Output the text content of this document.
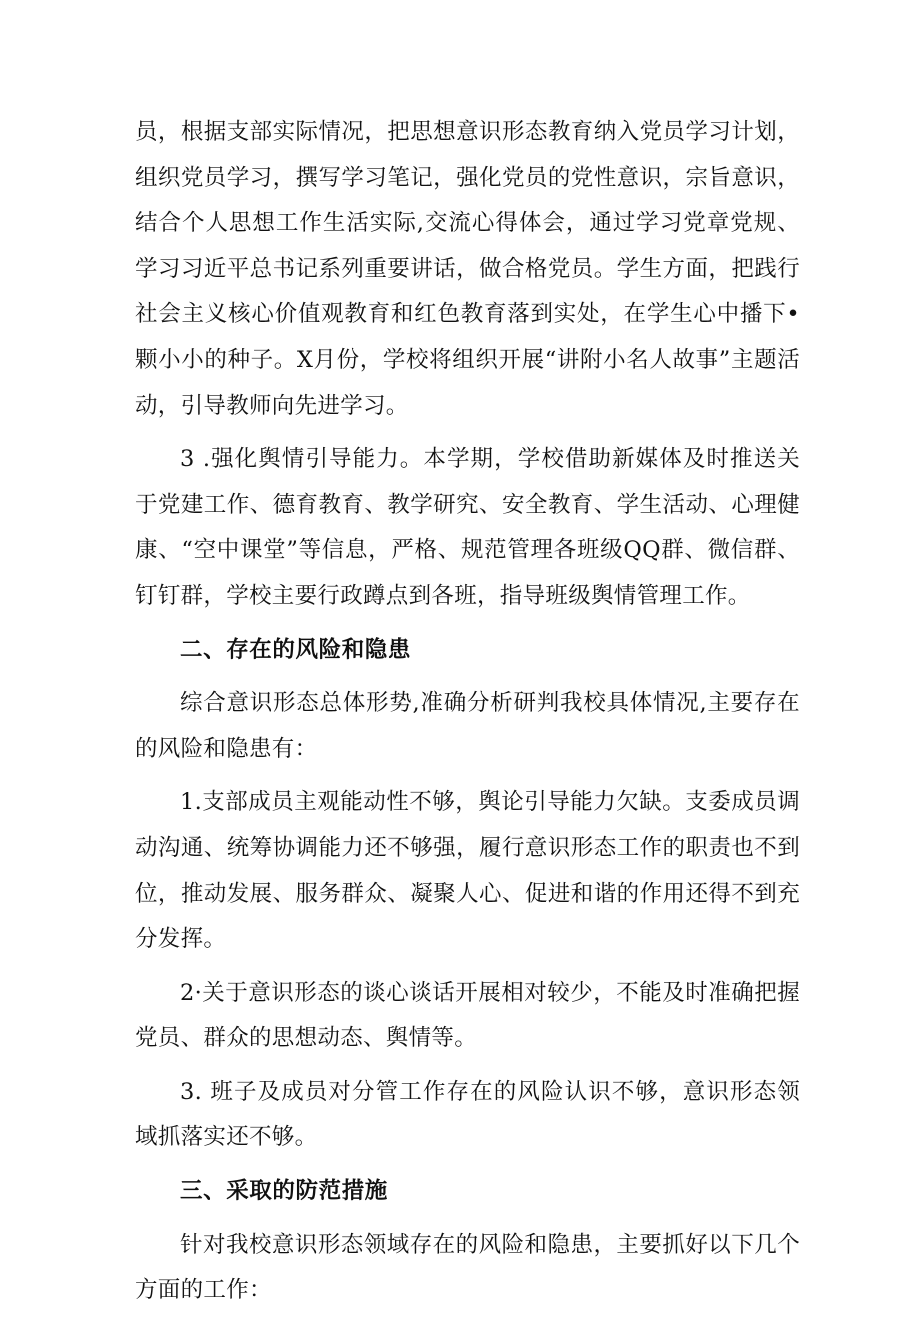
员，根据支部实际情况，把思想意识形态教育纳入党员学习计划，组织党员学习，撰写学习笔记，强化党员的党性意识，宗旨意识，结合个人思想工作生活实际,交流心得体会，通过学习党章党规、学习习近平总书记系列重要讲话，做合格党员。学生方面，把践行社会主义核心价值观教育和红色教育落到实处，在学生心中播下•颗小小的种子。X月份，学校将组织开展“讲附小名人故事”主题活动，引导教师向先进学习。

3 .强化舆情引导能力。本学期，学校借助新媒体及时推送关于党建工作、德育教育、教学研究、安全教育、学生活动、心理健康、“空中课堂”等信息，严格、规范管理各班级QQ群、微信群、钉钉群，学校主要行政蹲点到各班，指导班级舆情管理工作。

二、存在的风险和隐患

综合意识形态总体形势,准确分析研判我校具体情况,主要存在的风险和隐患有：

1.支部成员主观能动性不够，舆论引导能力欠缺。支委成员调动沟通、统筹协调能力还不够强，履行意识形态工作的职责也不到位，推动发展、服务群众、凝聚人心、促进和谐的作用还得不到充分发挥。

2·关于意识形态的谈心谈话开展相对较少，不能及时准确把握党员、群众的思想动态、舆情等。

3. 班子及成员对分管工作存在的风险认识不够，意识形态领域抓落实还不够。

三、采取的防范措施

针对我校意识形态领域存在的风险和隐患，主要抓好以下几个方面的工作：
